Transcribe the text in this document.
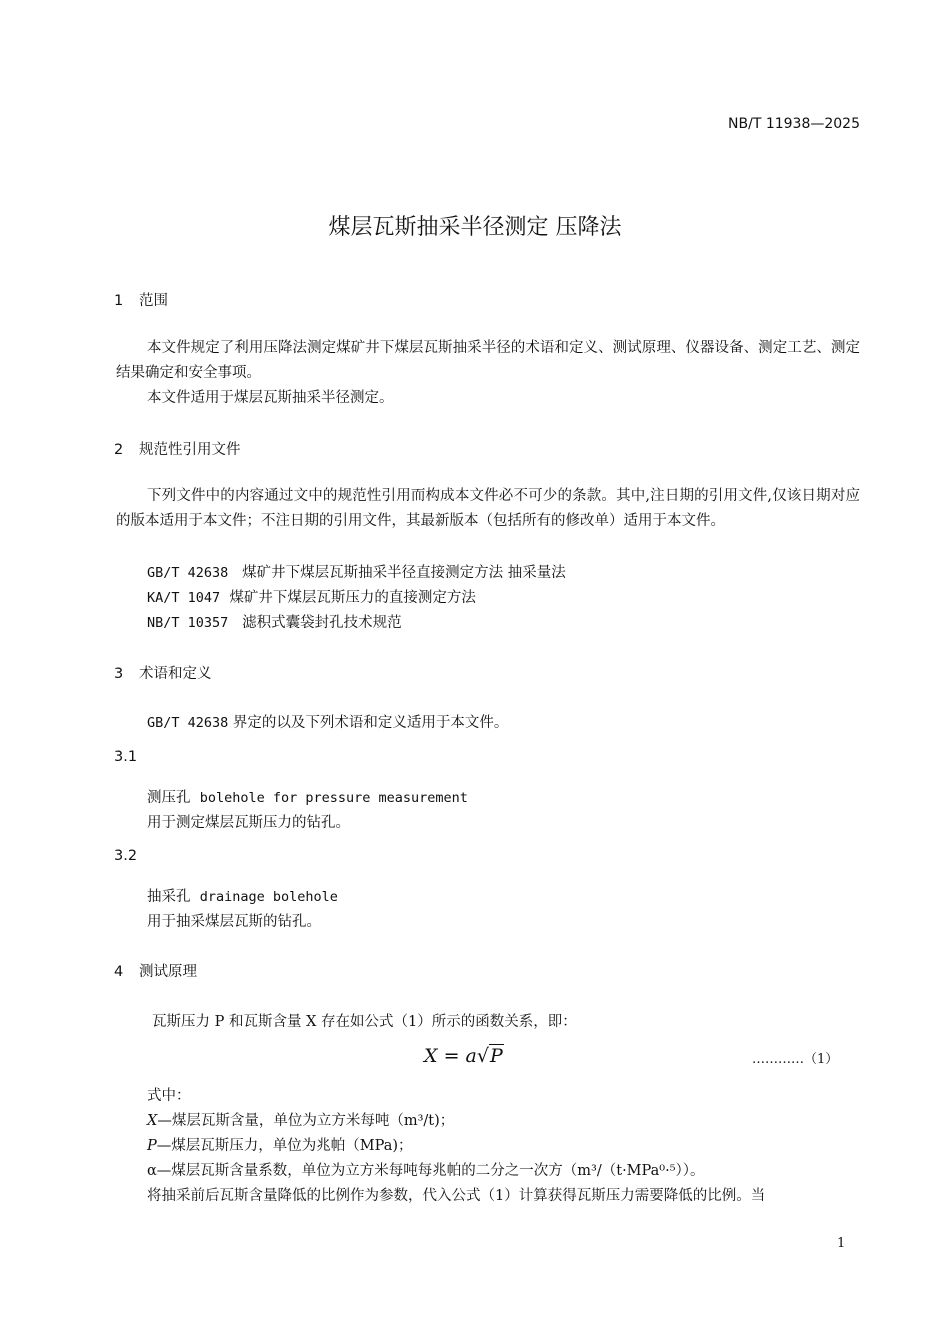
NB/T 11938—2025
煤层瓦斯抽采半径测定 压降法
1 范围
本文件规定了利用压降法测定煤矿井下煤层瓦斯抽采半径的术语和定义、测试原理、仪器设备、测定工艺、测定结果确定和安全事项。
本文件适用于煤层瓦斯抽采半径测定。
2 规范性引用文件
下列文件中的内容通过文中的规范性引用而构成本文件必不可少的条款。其中,注日期的引用文件,仅该日期对应的版本适用于本文件；不注日期的引用文件，其最新版本（包括所有的修改单）适用于本文件。
GB/T 42638 煤矿井下煤层瓦斯抽采半径直接测定方法 抽采量法
KA/T 1047 煤矿井下煤层瓦斯压力的直接测定方法
NB/T 10357 滤积式囊袋封孔技术规范
3 术语和定义
GB/T 42638 界定的以及下列术语和定义适用于本文件。
3.1
测压孔 bolehole for pressure measurement
用于测定煤层瓦斯压力的钻孔。
3.2
抽采孔 drainage bolehole
用于抽采煤层瓦斯的钻孔。
4 测试原理
瓦斯压力 P 和瓦斯含量 X 存在如公式（1）所示的函数关系，即：
X = a√P	…………（1）
式中：
X—煤层瓦斯含量，单位为立方米每吨（m³/t)；
P—煤层瓦斯压力，单位为兆帕（MPa)；
α—煤层瓦斯含量系数，单位为立方米每吨每兆帕的二分之一次方（m³/（t·MPa⁰·⁵））。
将抽采前后瓦斯含量降低的比例作为参数，代入公式（1）计算获得瓦斯压力需要降低的比例。当
1
